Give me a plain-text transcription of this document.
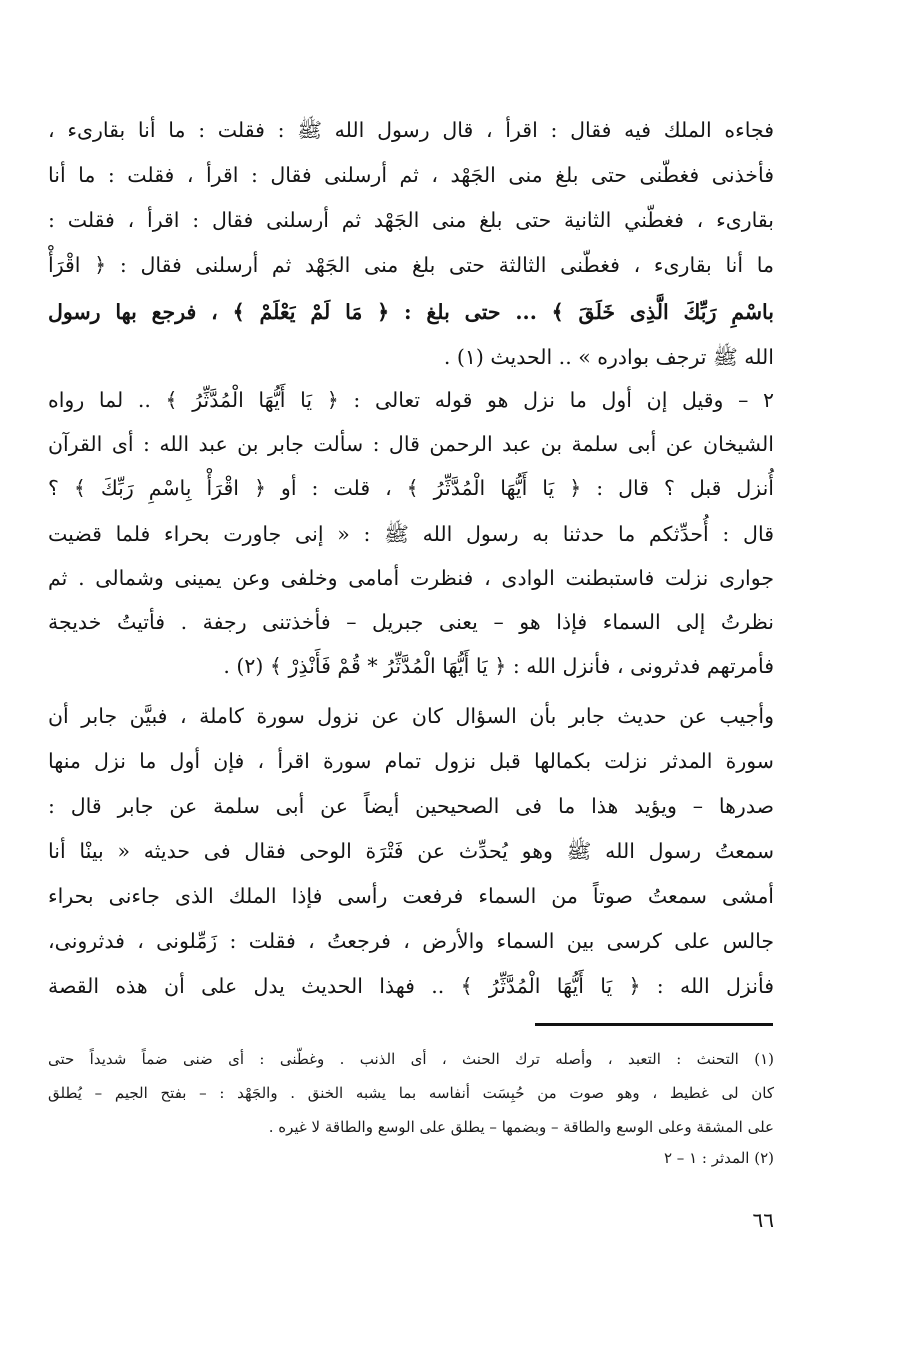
فجاءه الملك فيه فقال : اقرأ ، قال رسول الله ﷺ : فقلت : ما أنا بقارىء ،
فأخذنى فغطّنى حتى بلغ منى الجَهْد ، ثم أرسلنى فقال : اقرأ ، فقلت : ما أنا
بقارىء ، فغطّني الثانية حتى بلغ منى الجَهْد ثم أرسلنى فقال : اقرأ ، فقلت :
ما أنا بقارىء ، فغطّنى الثالثة حتى بلغ منى الجَهْد ثم أرسلنى فقال : ﴿ اقْرَأْ
باسْمِ رَبِّكَ الَّذِى خَلَقَ ﴾ ... حتى بلغ : ﴿ مَا لَمْ يَعْلَمْ ﴾ ، فرجع بها رسول
الله ﷺ ترجف بوادره » .. الحديث (١) .
٢ – وقيل إن أول ما نزل هو قوله تعالى : ﴿ يَا أَيُّهَا الْمُدَّثِّرُ ﴾ .. لما رواه
الشيخان عن أبى سلمة بن عبد الرحمن قال : سألت جابر بن عبد الله : أى القرآن
أُنزل قبل ؟ قال : ﴿ يَا أَيُّهَا الْمُدَّثِّرُ ﴾ ، قلت : أو ﴿ اقْرَأْ بِاسْمِ رَبِّكَ ﴾ ؟
قال : أُحدِّثكم ما حدثنا به رسول الله ﷺ : « إنى جاورت بحراء فلما قضيت
جوارى نزلت فاستبطنت الوادى ، فنظرت أمامى وخلفى وعن يمينى وشمالى . ثم
نظرتُ إلى السماء فإذا هو – يعنى جبريل – فأخذتنى رجفة . فأتيتُ خديجة
فأمرتهم فدثرونى ، فأنزل الله : ﴿ يَا أَيُّهَا الْمُدَّثِّرُ * قُمْ فَأَنْذِرْ ﴾ (٢) .
وأجيب عن حديث جابر بأن السؤال كان عن نزول سورة كاملة ، فبيَّن جابر أن
سورة المدثر نزلت بكمالها قبل نزول تمام سورة اقرأ ، فإن أول ما نزل منها
صدرها – ويؤيد هذا ما فى الصحيحين أيضاً عن أبى سلمة عن جابر قال :
سمعتُ رسول الله ﷺ وهو يُحدِّث عن فَتْرَة الوحى فقال فى حديثه « بينْا أنا
أمشى سمعتُ صوتاً من السماء فرفعت رأسى فإذا الملك الذى جاءنى بحراء
جالس على كرسى بين السماء والأرض ، فرجعتُ ، فقلت : زَمِّلونى ، فدثرونى،
فأنزل الله : ﴿ يَا أَيُّهَا الْمُدَّثِّرُ ﴾ .. فهذا الحديث يدل على أن هذه القصة
(١) التحنث : التعبد ، وأصله ترك الحنث ، أى الذنب . وغطّنى : أى ضنى ضماً شديداً حتى
كان لى غطيط ، وهو صوت من حُبِسَت أنفاسه بما يشبه الخنق . والجَهْد : – بفتح الجيم – يُطلق
على المشقة وعلى الوسع والطاقة – وبضمها – يطلق على الوسع والطاقة لا غيره .
(٢) المدثر : ١ – ٢
٦٦
